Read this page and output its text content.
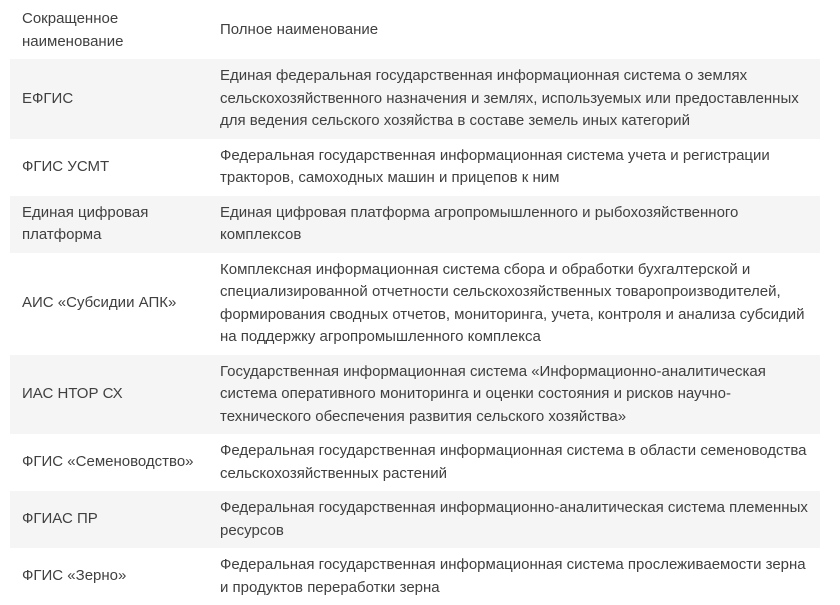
Сокращенное наименование	Полное наименование
ЕФГИС	Единая федеральная государственная информационная система о землях сельскохозяйственного назначения и землях, используемых или предоставленных для ведения сельского хозяйства в составе земель иных категорий
ФГИС УСМТ	Федеральная государственная информационная система учета и регистрации тракторов, самоходных машин и прицепов к ним
Единая цифровая платформа	Единая цифровая платформа агропромышленного и рыбохозяйственного комплексов
АИС «Субсидии АПК»	Комплексная информационная система сбора и обработки бухгалтерской и специализированной отчетности сельскохозяйственных товаропроизводителей, формирования сводных отчетов, мониторинга, учета, контроля и анализа субсидий на поддержку агропромышленного комплекса
ИАС НТОР СХ	Государственная информационная система «Информационно-аналитическая система оперативного мониторинга и оценки состояния и рисков научно-технического обеспечения развития сельского хозяйства»
ФГИС «Семеноводство»	Федеральная государственная информационная система в области семеноводства сельскохозяйственных растений
ФГИАС ПР	Федеральная государственная информационно-аналитическая система племенных ресурсов
ФГИС «Зерно»	Федеральная государственная информационная система прослеживаемости зерна и продуктов переработки зерна
